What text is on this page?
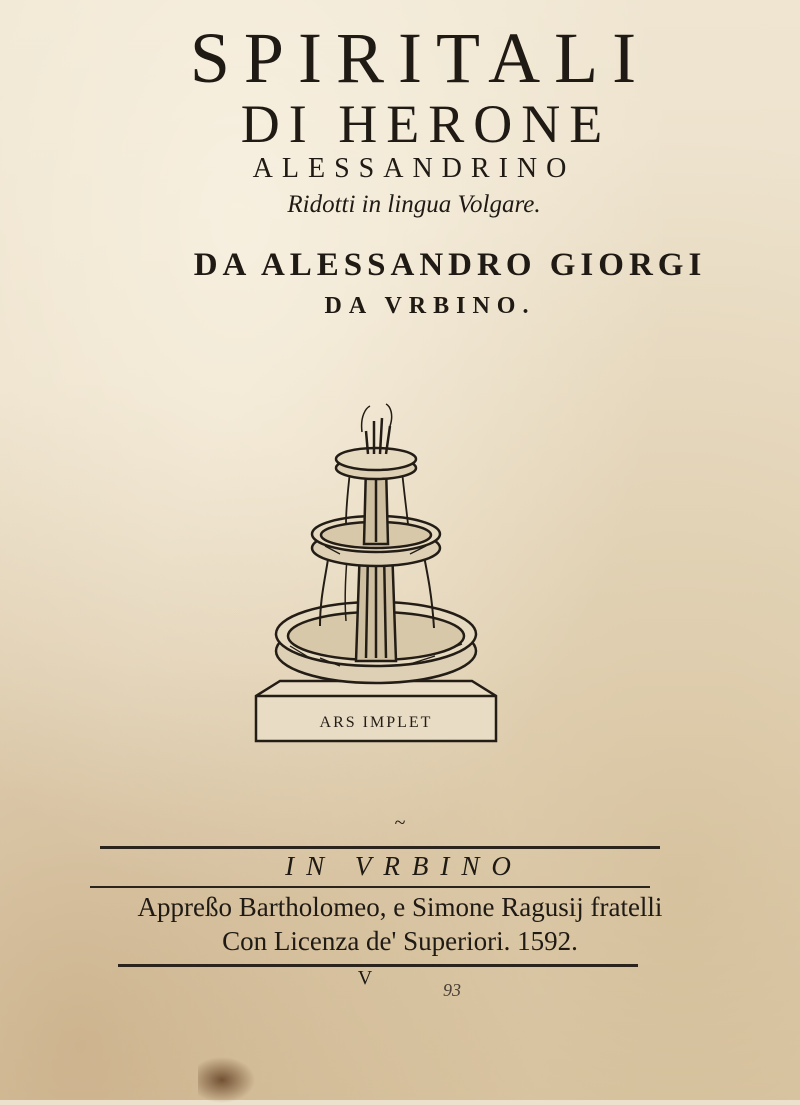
SPIRITALI
DI HERONE
ALESSANDRINO
Ridotti in lingua Volgare.
DA ALESSANDRO GIORGI
DA VRBINO.
ARS IMPLET
~
IN VRBINO
Appreßo Bartholomeo, e Simone Ragusij fratelli
Con Licenza de' Superiori. 1592.
V
93
